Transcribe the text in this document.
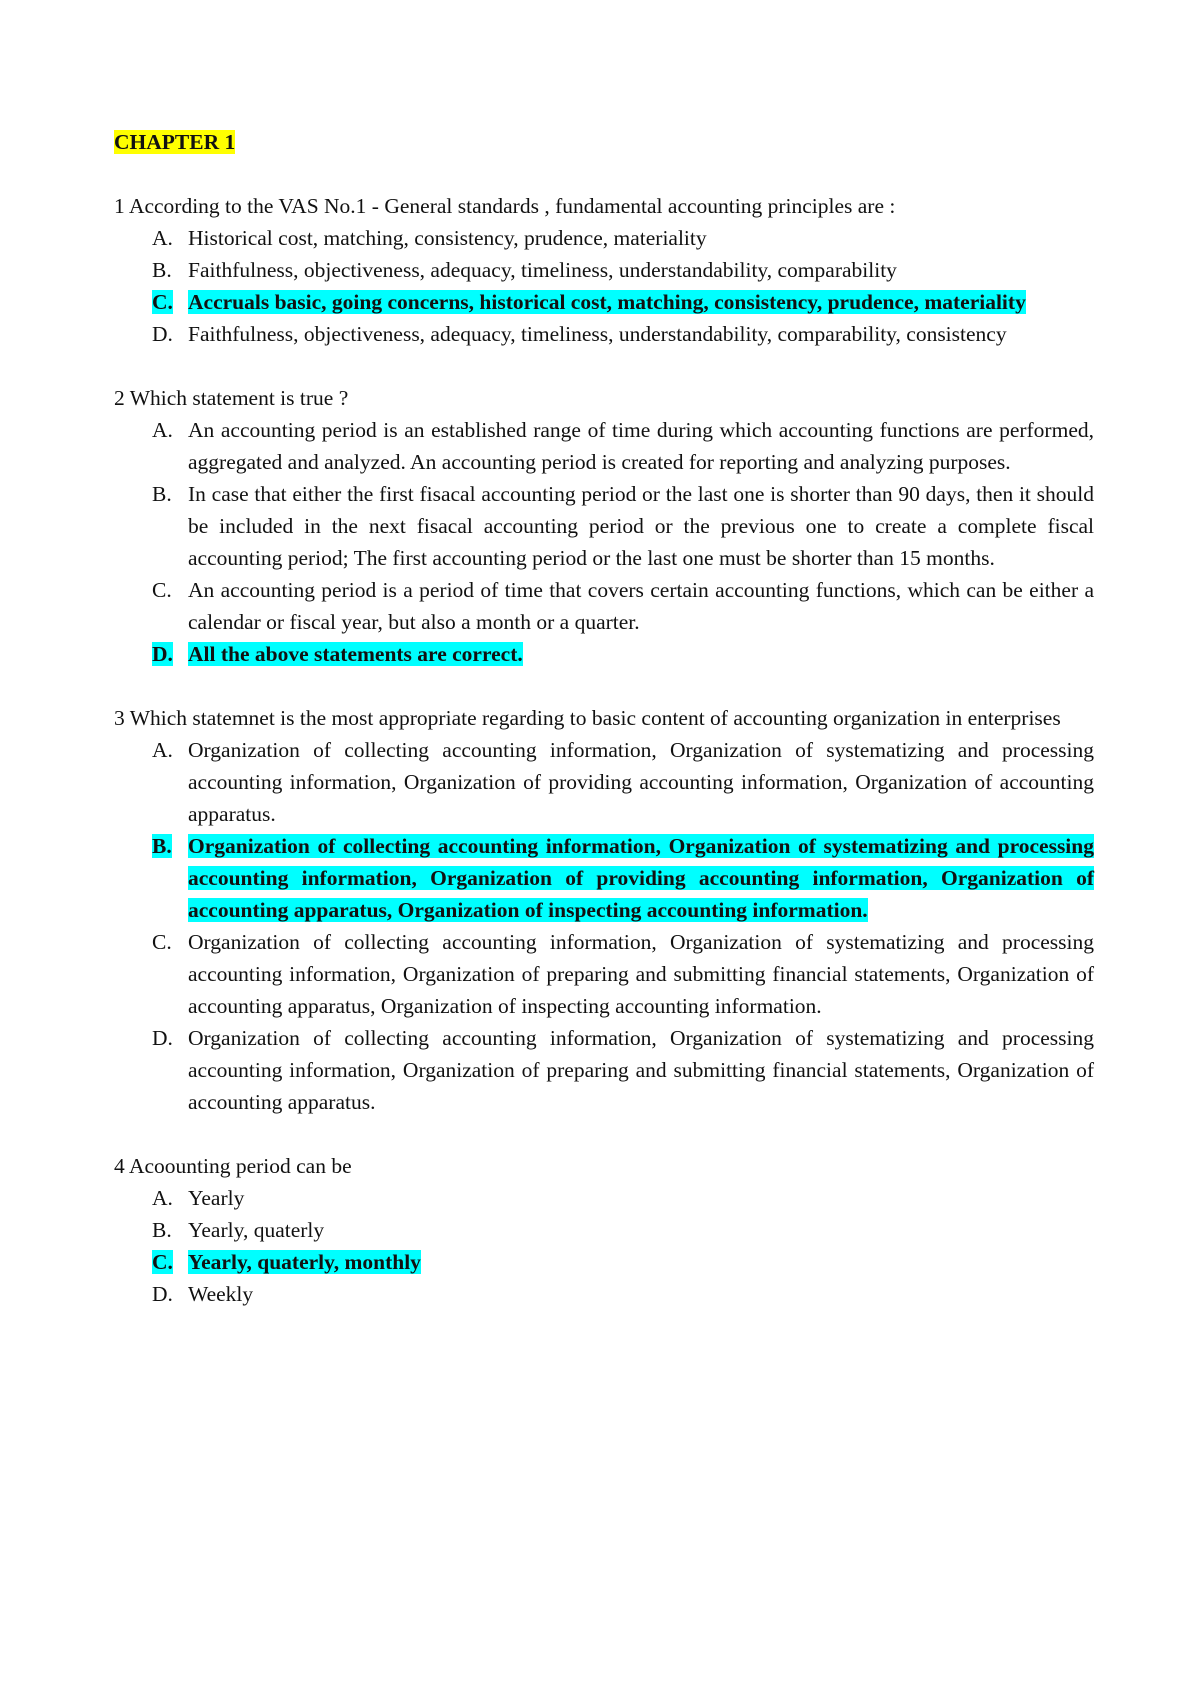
CHAPTER 1
1 According to the VAS No.1 - General standards , fundamental accounting principles are :
A. Historical cost, matching, consistency, prudence, materiality
B. Faithfulness, objectiveness, adequacy, timeliness, understandability, comparability
C. Accruals basic, going concerns, historical cost, matching, consistency, prudence, materiality
D. Faithfulness, objectiveness, adequacy, timeliness, understandability, comparability, consistency
2 Which statement is true ?
A. An accounting period is an established range of time during which accounting functions are performed, aggregated and analyzed. An accounting period is created for reporting and analyzing purposes.
B. In case that either the first fisacal accounting period or the last one is shorter than 90 days, then it should be included in the next fisacal accounting period or the previous one to create a complete fiscal accounting period; The first accounting period or the last one must be shorter than 15 months.
C. An accounting period is a period of time that covers certain accounting functions, which can be either a calendar or fiscal year, but also a month or a quarter.
D. All the above statements are correct.
3 Which statemnet is the most appropriate regarding to basic content of accounting organization in enterprises
A. Organization of collecting accounting information, Organization of systematizing and processing accounting information, Organization of providing accounting information, Organization of accounting apparatus.
B. Organization of collecting accounting information, Organization of systematizing and processing accounting information, Organization of providing accounting information, Organization of accounting apparatus, Organization of inspecting accounting information.
C. Organization of collecting accounting information, Organization of systematizing and processing accounting information, Organization of preparing and submitting financial statements, Organization of accounting apparatus, Organization of inspecting accounting information.
D. Organization of collecting accounting information, Organization of systematizing and processing accounting information, Organization of preparing and submitting financial statements, Organization of accounting apparatus.
4 Acoounting period can be
A. Yearly
B. Yearly, quaterly
C. Yearly, quaterly, monthly
D. Weekly
